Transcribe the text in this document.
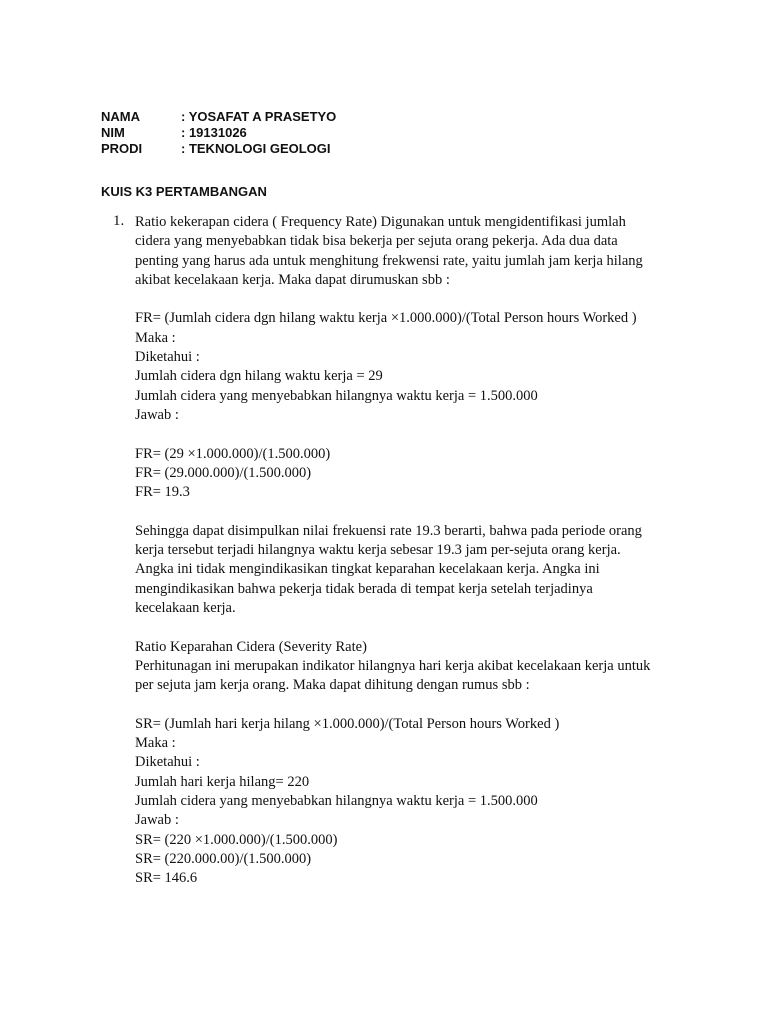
NAMA	: YOSAFAT A PRASETYO
NIM	: 19131026
PRODI	: TEKNOLOGI GEOLOGI
KUIS K3 PERTAMBANGAN
1. Ratio kekerapan cidera ( Frequency Rate) Digunakan untuk mengidentifikasi jumlah
cidera yang menyebabkan tidak bisa bekerja per sejuta orang pekerja. Ada dua data
penting yang harus ada untuk menghitung frekwensi rate, yaitu jumlah jam kerja hilang
akibat kecelakaan kerja. Maka dapat dirumuskan sbb :
FR= (Jumlah cidera dgn hilang waktu kerja ×1.000.000)/(Total Person hours Worked )
Maka :
Diketahui :
Jumlah cidera dgn hilang waktu kerja = 29
Jumlah cidera yang menyebabkan hilangnya waktu kerja = 1.500.000
Jawab :
FR= (29 ×1.000.000)/(1.500.000)
FR= (29.000.000)/(1.500.000)
FR= 19.3
Sehingga dapat disimpulkan nilai frekuensi rate 19.3 berarti, bahwa pada periode orang
kerja tersebut terjadi hilangnya waktu kerja sebesar 19.3 jam per-sejuta orang kerja.
Angka ini tidak mengindikasikan tingkat keparahan kecelakaan kerja. Angka ini
mengindikasikan bahwa pekerja tidak berada di tempat kerja setelah terjadinya
kecelakaan kerja.
Ratio Keparahan Cidera (Severity Rate)
Perhitunagan ini merupakan indikator hilangnya hari kerja akibat kecelakaan kerja untuk
per sejuta jam kerja orang. Maka dapat dihitung dengan rumus sbb :
SR= (Jumlah hari kerja hilang ×1.000.000)/(Total Person hours Worked )
Maka :
Diketahui :
Jumlah hari kerja hilang= 220
Jumlah cidera yang menyebabkan hilangnya waktu kerja = 1.500.000
Jawab :
SR= (220 ×1.000.000)/(1.500.000)
SR= (220.000.00)/(1.500.000)
SR= 146.6
